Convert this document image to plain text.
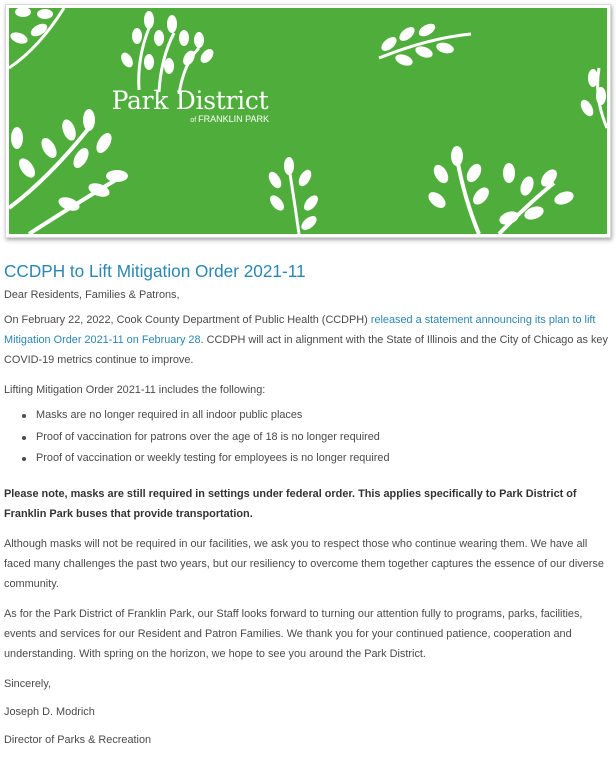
Park District
of FRANKLIN PARK
CCDPH to Lift Mitigation Order 2021-11

Dear Residents, Families & Patrons,

On February 22, 2022, Cook County Department of Public Health (CCDPH) released a statement announcing its plan to lift Mitigation Order 2021-11 on February 28. CCDPH will act in alignment with the State of Illinois and the City of Chicago as key COVID-19 metrics continue to improve.

Lifting Mitigation Order 2021-11 includes the following:

Masks are no longer required in all indoor public places
Proof of vaccination for patrons over the age of 18 is no longer required
Proof of vaccination or weekly testing for employees is no longer required

Please note, masks are still required in settings under federal order. This applies specifically to Park District of Franklin Park buses that provide transportation.

Although masks will not be required in our facilities, we ask you to respect those who continue wearing them. We have all faced many challenges the past two years, but our resiliency to overcome them together captures the essence of our diverse community.

As for the Park District of Franklin Park, our Staff looks forward to turning our attention fully to programs, parks, facilities, events and services for our Resident and Patron Families. We thank you for your continued patience, cooperation and understanding. With spring on the horizon, we hope to see you around the Park District.

Sincerely,

Joseph D. Modrich

Director of Parks & Recreation
